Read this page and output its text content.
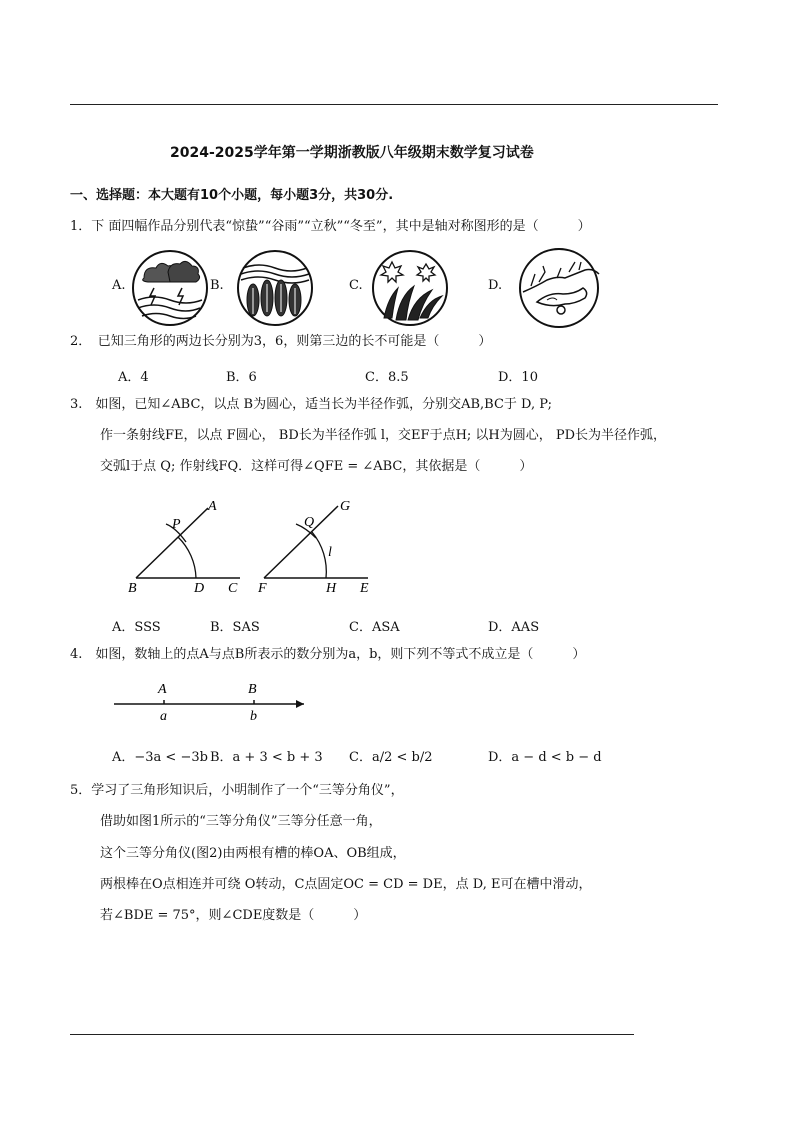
2024-2025学年第一学期浙教版八年级期末数学复习试卷
一、选择题：本大题有10个小题，每小题3分，共30分.
1．下 面四幅作品分别代表“惊蛰”“谷雨”“立秋”“冬至”，其中是轴对称图形的是（　　　）
A.	B.	C.	D.
2．　已知三角形的两边长分别为3，6，则第三边的长不可能是（　　　）
A．4	B．6	C．8.5	D．10
3.　如图，已知∠ABC，以点 B为圆心，适当长为半径作弧，分别交AB,BC于 D, P;
作一条射线FE，以点 F圆心， BD长为半径作弧 l，交EF于点H; 以H为圆心， PD长为半径作弧，
交弧l于点 Q; 作射线FQ．这样可得∠QFE = ∠ABC，其依据是（　　　）
A
P
B	D C
G
Q
l
F	H E
A．SSS	B．SAS	C．ASA	D．AAS
4.　如图，数轴上的点A与点B所表示的数分别为a，b，则下列不等式不成立是（　　　）
A	B
a	b
A．−3a < −3b B．a + 3 < b + 3 C．a/2 < b/2	D．a − d < b − d
5．学习了三角形知识后，小明制作了一个“三等分角仪”，
借助如图1所示的“三等分角仪”三等分任意一角，
这个三等分角仪(图2)由两根有槽的棒OA、OB组成，
两根棒在O点相连并可绕 O转动，C点固定OC = CD = DE，点 D, E可在槽中滑动，
若∠BDE = 75°，则∠CDE度数是（　　　）
